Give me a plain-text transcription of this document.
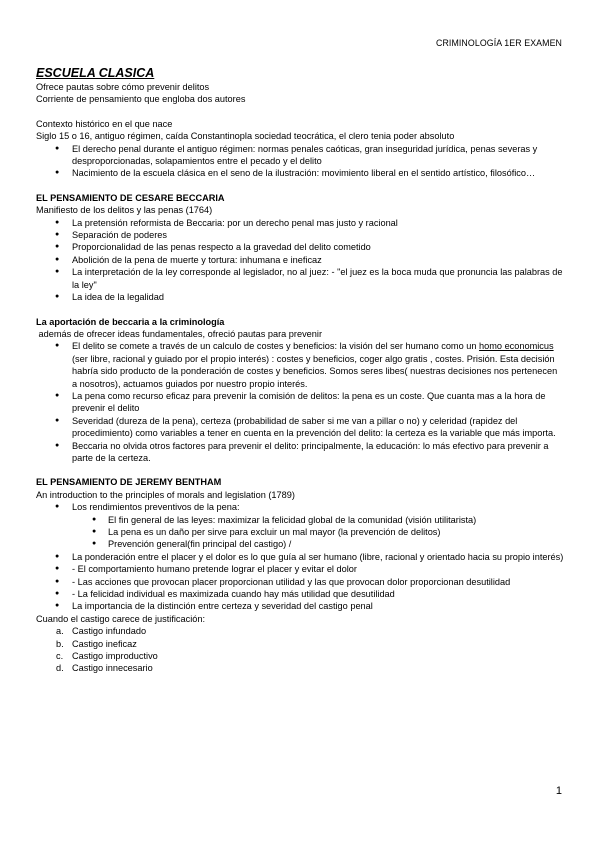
CRIMINOLOGÍA 1ER EXAMEN
ESCUELA CLASICA
Ofrece pautas sobre cómo prevenir delitos
Corriente de pensamiento que engloba dos autores
Contexto histórico en el que nace
Siglo 15 o 16, antiguo régimen, caída Constantinopla sociedad teocrática, el clero tenia poder absoluto
● El derecho penal durante el antiguo régimen: normas penales caóticas, gran inseguridad jurídica, penas severas y desproporcionadas, solapamientos entre el pecado y el delito
● Nacimiento de la escuela clásica en el seno de la ilustración: movimiento liberal en el sentido artístico, filosófico…
EL PENSAMIENTO DE CESARE BECCARIA
Manifiesto de los delitos y las penas (1764)
● La pretensión reformista de Beccaria: por un derecho penal mas justo y racional
● Separación de poderes
● Proporcionalidad de las penas respecto a la gravedad del delito cometido
● Abolición de la pena de muerte y tortura: inhumana e ineficaz
● La interpretación de la ley corresponde al legislador, no al juez: - "el juez es la boca muda que pronuncia las palabras de la ley"
● La idea de la legalidad
La aportación de beccaria a la criminología
además de ofrecer ideas fundamentales, ofreció pautas para prevenir
● El delito se comete a través de un calculo de costes y beneficios: la visión del ser humano como un homo economicus (ser libre, racional y guiado por el propio interés) : costes y beneficios, coger algo gratis , costes. Prisión. Esta decisión habría sido producto de la ponderación de costes y beneficios. Somos seres libes( nuestras decisiones nos pertenecen a nosotros), actuamos guiados por nuestro propio interés.
● La pena como recurso eficaz para prevenir la comisión de delitos: la pena es un coste. Que cuanta mas a la hora de prevenir el delito
● Severidad (dureza de la pena), certeza (probabilidad de saber si me van a pillar o no) y celeridad (rapidez del procedimiento) como variables a tener en cuenta en la prevención del delito: la certeza es la variable que más importa.
● Beccaria no olvida otros factores para prevenir el delito: principalmente, la educación: lo más efectivo para prevenir a parte de la certeza.
EL PENSAMIENTO DE JEREMY BENTHAM
An introduction to the principles of morals and legislation (1789)
● Los rendimientos preventivos de la pena:
● El fin general de las leyes: maximizar la felicidad global de la comunidad (visión utilitarista)
● La pena es un daño per sirve para excluir un mal mayor (la prevención de delitos)
● Prevención general(fin principal del castigo) /
● La ponderación entre el placer y el dolor es lo que guía al ser humano (libre, racional y orientado hacia su propio interés)
● - El comportamiento humano pretende lograr el placer y evitar el dolor
● - Las acciones que provocan placer proporcionan utilidad y las que provocan dolor proporcionan desutilidad
● - La felicidad individual es maximizada cuando hay más utilidad que desutilidad
● La importancia de la distinción entre certeza y severidad del castigo penal
Cuando el castigo carece de justificación:
a. Castigo infundado
b. Castigo ineficaz
c. Castigo improductivo
d. Castigo innecesario
1
